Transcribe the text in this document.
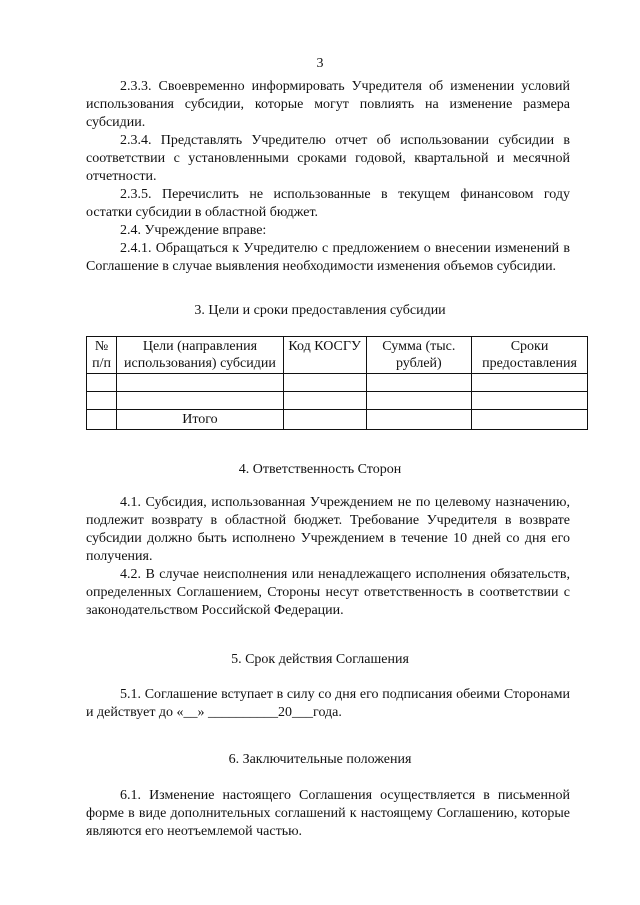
3

2.3.3. Своевременно информировать Учредителя об изменении условий использования субсидии, которые могут повлиять на изменение размера субсидии.

2.3.4. Представлять Учредителю отчет об использовании субсидии в соответствии с установленными сроками годовой, квартальной и месячной отчетности.

2.3.5. Перечислить не использованные в текущем финансовом году остатки субсидии в областной бюджет.

2.4. Учреждение вправе:

2.4.1. Обращаться к Учредителю с предложением о внесении изменений в Соглашение в случае выявления необходимости изменения объемов субсидии.

3. Цели и сроки предоставления субсидии
№ п/п	Цели (направления использования) субсидии	Код КОСГУ	Сумма (тыс. рублей)	Сроки предоставления

	Итого			
4. Ответственность Сторон

4.1. Субсидия, использованная Учреждением не по целевому назначению, подлежит возврату в областной бюджет. Требование Учредителя в возврате субсидии должно быть исполнено Учреждением в течение 10 дней со дня его получения.

4.2. В случае неисполнения или ненадлежащего исполнения обязательств, определенных Соглашением, Стороны несут ответственность в соответствии с законодательством Российской Федерации.

5. Срок действия Соглашения

5.1. Соглашение вступает в силу со дня его подписания обеими Сторонами и действует до «__» __________20___года.

6. Заключительные положения

6.1. Изменение настоящего Соглашения осуществляется в письменной форме в виде дополнительных соглашений к настоящему Соглашению, которые являются его неотъемлемой частью.
